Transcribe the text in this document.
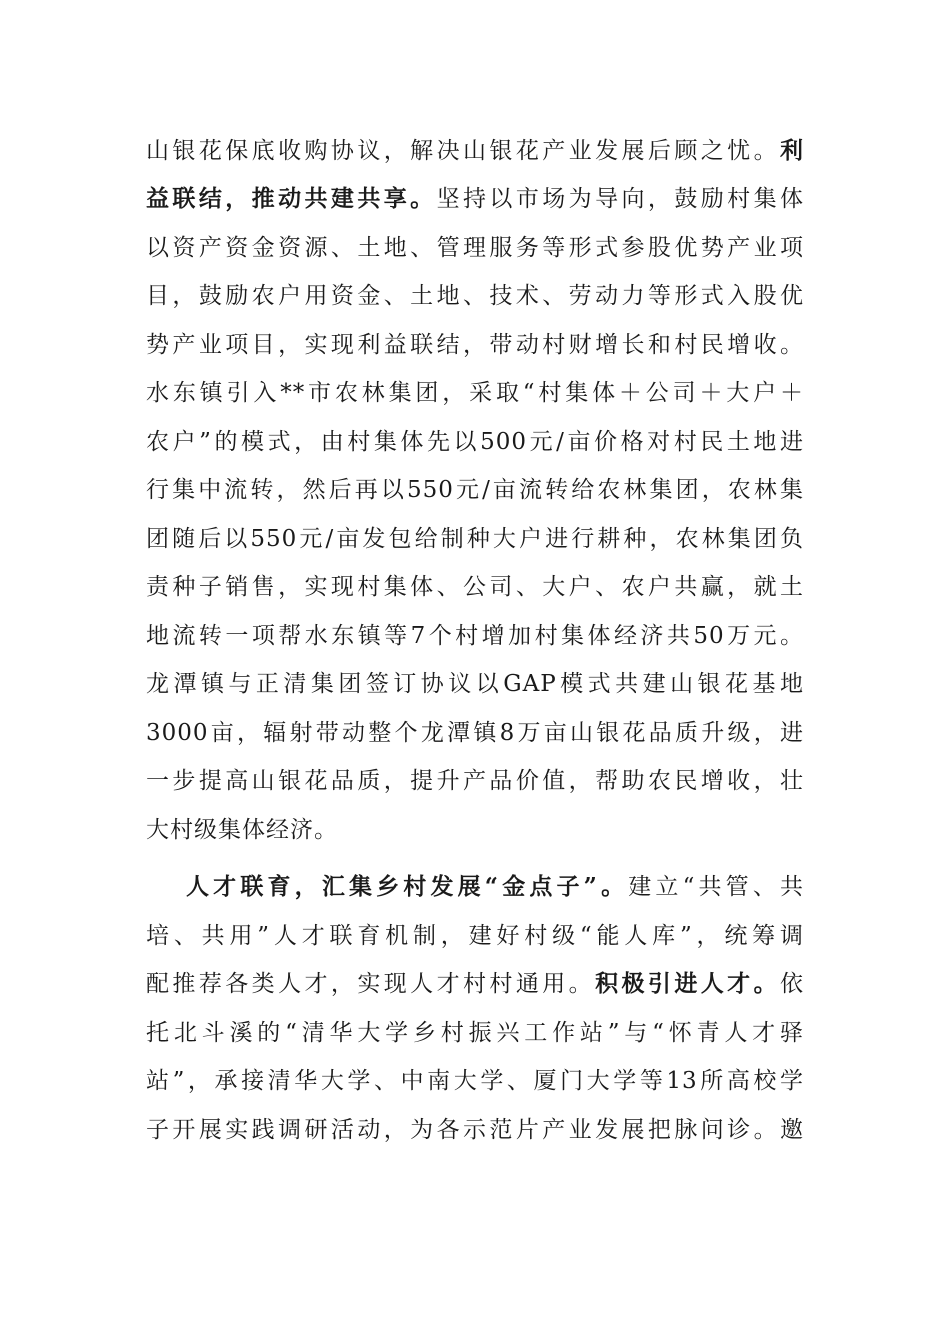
山银花保底收购协议，解决山银花产业发展后顾之忧。利
益联结，推动共建共享。坚持以市场为导向，鼓励村集体
以资产资金资源、土地、管理服务等形式参股优势产业项
目，鼓励农户用资金、土地、技术、劳动力等形式入股优
势产业项目，实现利益联结，带动村财增长和村民增收。
水东镇引入**市农林集团，采取“村集体＋公司＋大户＋
农户”的模式，由村集体先以500元/亩价格对村民土地进
行集中流转，然后再以550元/亩流转给农林集团，农林集
团随后以550元/亩发包给制种大户进行耕种，农林集团负
责种子销售，实现村集体、公司、大户、农户共赢，就土
地流转一项帮水东镇等7个村增加村集体经济共50万元。
龙潭镇与正清集团签订协议以GAP模式共建山银花基地
3000亩，辐射带动整个龙潭镇8万亩山银花品质升级，进
一步提高山银花品质，提升产品价值，帮助农民增收，壮
大村级集体经济。
人才联育，汇集乡村发展“金点子”。建立“共管、共
培、共用”人才联育机制，建好村级“能人库”，统筹调
配推荐各类人才，实现人才村村通用。积极引进人才。依
托北斗溪的“清华大学乡村振兴工作站”与“怀青人才驿
站”，承接清华大学、中南大学、厦门大学等13所高校学
子开展实践调研活动，为各示范片产业发展把脉问诊。邀
